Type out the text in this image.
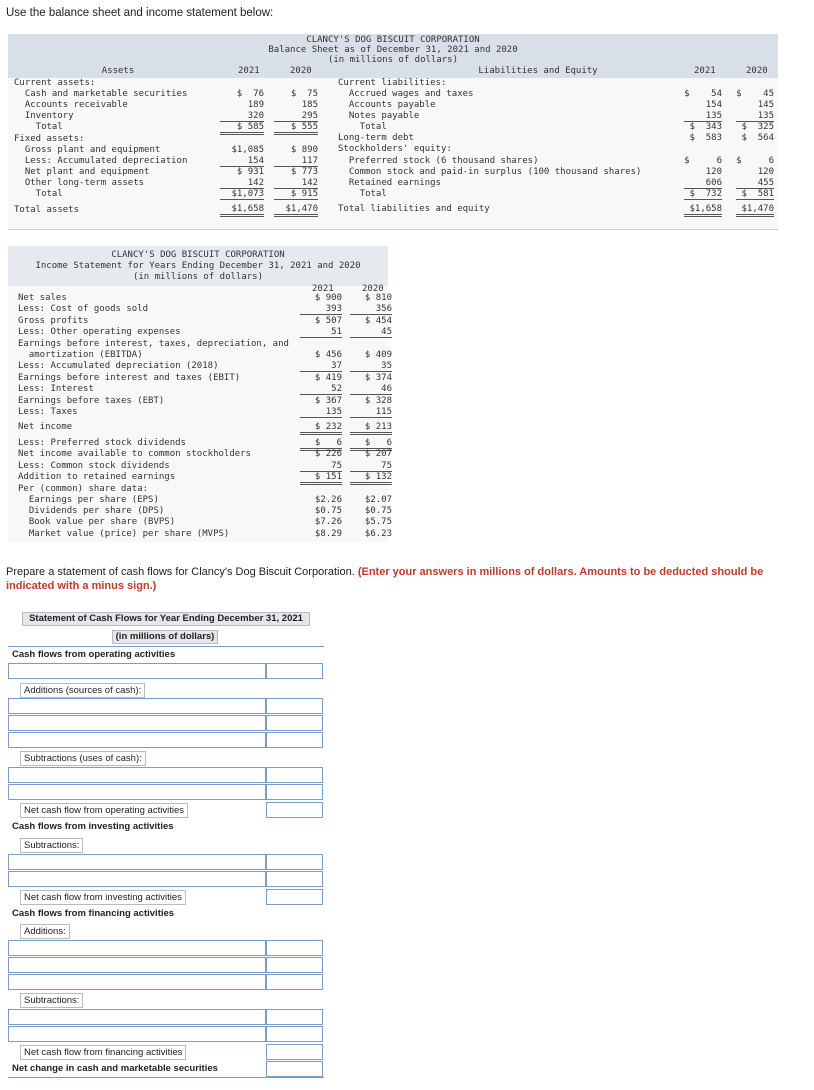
Use the balance sheet and income statement below:
CLANCY'S DOG BISCUIT CORPORATION
Balance Sheet as of December 31, 2021 and 2020
(in millions of dollars)
Assets	2021	2020	Liabilities and Equity	2021	2020
Current assets:
Cash and marketable securities	$  76	$  75
Accounts receivable	189	185
Inventory	320	295
Total	$ 585	$ 555
Fixed assets:
Gross plant and equipment	$1,085	$ 890
Less: Accumulated depreciation	154	117
Net plant and equipment	$ 931	$ 773
Other long-term assets	142	142
Total	$1,073	$ 915
Total assets	$1,658	$1,470
Current liabilities:
Accrued wages and taxes	$    54 $    45
Accounts payable	154	145
Notes payable	135	135
Total	$  343	$  325
Long-term debt	$  583	$  564
Stockholders' equity:
Preferred stock (6 thousand shares)	$     6 $     6
Common stock and paid-in surplus (100 thousand shares)	120	120
Retained earnings	606	455
Total	$  732	$  581
Total liabilities and equity	$1,658	$1,470
CLANCY'S DOG BISCUIT CORPORATION
Income Statement for Years Ending December 31, 2021 and 2020
(in millions of dollars)
2021	2020
Net sales	$ 900	$ 810
Less: Cost of goods sold	393	356
Gross profits	$ 507	$ 454
Less: Other operating expenses	51	45
Earnings before interest, taxes, depreciation, and
amortization (EBITDA)	$ 456	$ 409
Less: Accumulated depreciation (2018)	37	35
Earnings before interest and taxes (EBIT)	$ 419	$ 374
Less: Interest	52	46
Earnings before taxes (EBT)	$ 367	$ 328
Less: Taxes	135	115
Net income	$ 232	$ 213
Less: Preferred stock dividends	$   6	$   6
Net income available to common stockholders	$ 226	$ 207
Less: Common stock dividends	75	75
Addition to retained earnings	$ 151	$ 132
Per (common) share data:
Earnings per share (EPS)	$2.26	$2.07
Dividends per share (DPS)	$0.75	$0.75
Book value per share (BVPS)	$7.26	$5.75
Market value (price) per share (MVPS)	$8.29	$6.23
Prepare a statement of cash flows for Clancy's Dog Biscuit Corporation. (Enter your answers in millions of dollars. Amounts to be deducted should be indicated with a minus sign.)
Statement of Cash Flows for Year Ending December 31, 2021
(in millions of dollars)
Cash flows from operating activities
Additions (sources of cash):
Subtractions (uses of cash):
Net cash flow from operating activities
Cash flows from investing activities
Subtractions:
Net cash flow from investing activities
Cash flows from financing activities
Additions:
Subtractions:
Net cash flow from financing activities
Net change in cash and marketable securities
